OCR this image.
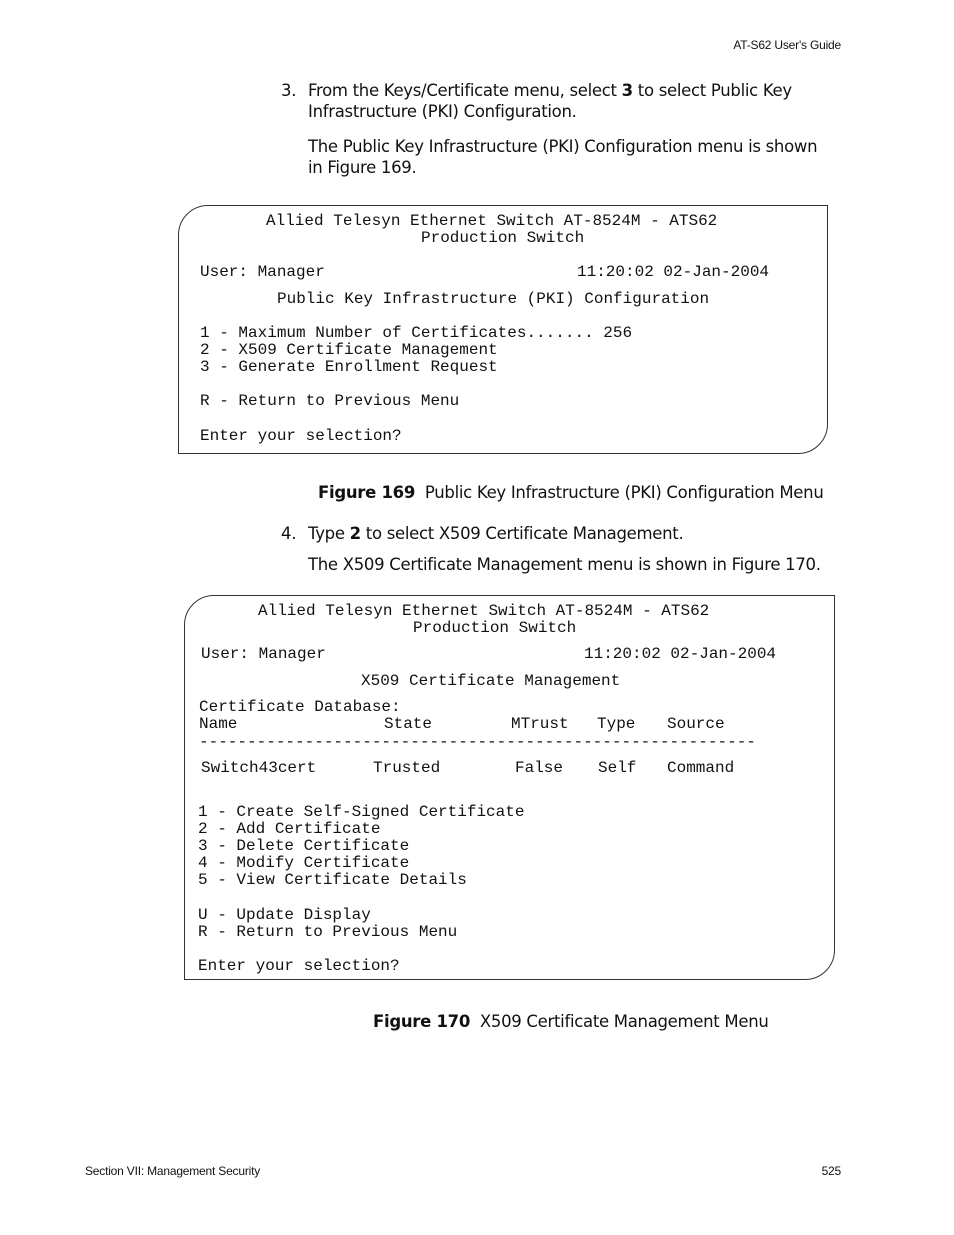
AT-S62 User's Guide
3. From the Keys/Certificate menu, select 3 to select Public Key Infrastructure (PKI) Configuration.
The Public Key Infrastructure (PKI) Configuration menu is shown in Figure 169.
Allied Telesyn Ethernet Switch AT-8524M - ATS62
Production Switch
User: Manager	11:20:02 02-Jan-2004
Public Key Infrastructure (PKI) Configuration
1 - Maximum Number of Certificates....... 256
2 - X509 Certificate Management
3 - Generate Enrollment Request
R - Return to Previous Menu
Enter your selection?
Figure 169 Public Key Infrastructure (PKI) Configuration Menu
4. Type 2 to select X509 Certificate Management.
The X509 Certificate Management menu is shown in Figure 170.
Allied Telesyn Ethernet Switch AT-8524M - ATS62
Production Switch
User: Manager	11:20:02 02-Jan-2004
X509 Certificate Management
Certificate Database:
Name	State	MTrust Type Source
----------------------------------------------------------
Switch43cert	Trusted	False Self Command
1 - Create Self-Signed Certificate
2 - Add Certificate
3 - Delete Certificate
4 - Modify Certificate
5 - View Certificate Details
U - Update Display
R - Return to Previous Menu
Enter your selection?
Figure 170 X509 Certificate Management Menu
Section VII: Management Security	525
